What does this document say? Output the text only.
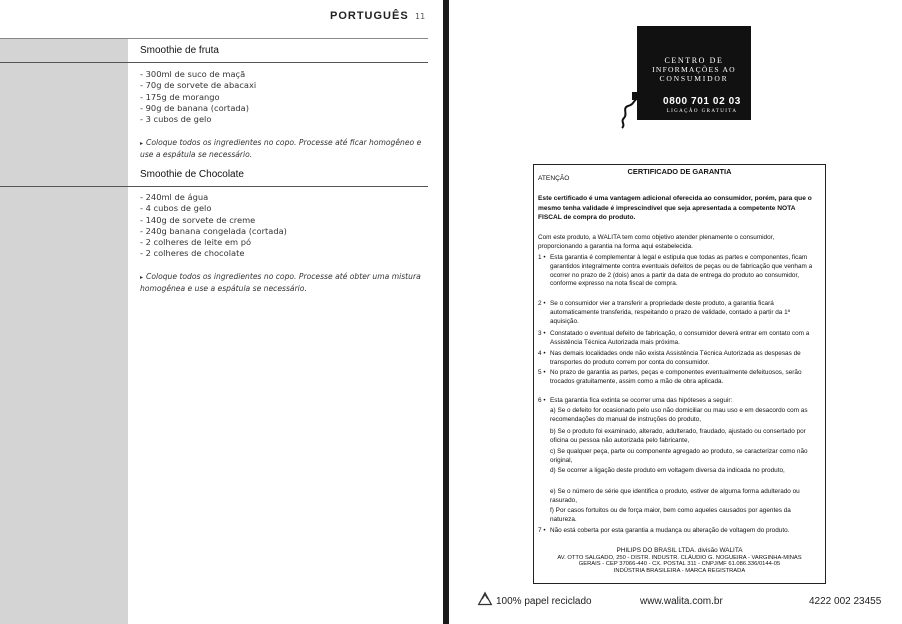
PORTUGUÊS 11
Smoothie de fruta
- 300ml de suco de maçã
- 70g de sorvete de abacaxi
- 175g de morango
- 90g de banana (cortada)
- 3 cubos de gelo
▸ Coloque todos os ingredientes no copo. Processe até ficar homogêneo e use a espátula se necessário.
Smoothie de Chocolate
- 240ml de água
- 4 cubos de gelo
- 140g de sorvete de creme
- 240g banana congelada (cortada)
- 2 colheres de leite em pó
- 2 colheres de chocolate
▸ Coloque todos os ingredientes no copo. Processe até obter uma mistura homogênea e use a espátula se necessário.
CENTRO DE
INFORMAÇÕES AO
CONSUMIDOR
0800 701 02 03
LIGAÇÃO GRATUITA
CERTIFICADO DE GARANTIA
ATENÇÃO
Este certificado é uma vantagem adicional oferecida ao consumidor, porém, para que o mesmo tenha validade é imprescindível que seja apresentada a competente NOTA FISCAL de compra do produto.
Com este produto, a WALITA tem como objetivo atender plenamente o consumidor, proporcionando a garantia na forma aqui estabelecida.
1 • Esta garantia é complementar à legal e estipula que todas as partes e componentes, ficam garantidos integralmente contra eventuais defeitos de peças ou de fabricação que venham a ocorrer no prazo de 2 (dois) anos a partir da data de entrega do produto ao consumidor, conforme expresso na nota fiscal de compra.
2 • Se o consumidor vier a transferir a propriedade deste produto, a garantia ficará automaticamente transferida, respeitando o prazo de validade, contado a partir da 1ª aquisição.
3 • Constatado o eventual defeito de fabricação, o consumidor deverá entrar em contato com a Assistência Técnica Autorizada mais próxima.
4 • Nas demais localidades onde não exista Assistência Técnica Autorizada as despesas de transportes do produto correm por conta do consumidor.
5 • No prazo de garantia as partes, peças e componentes eventualmente defeituosos, serão trocados gratuitamente, assim como a mão de obra aplicada.
6 • Esta garantia fica extinta se ocorrer uma das hipóteses a seguir:
a) Se o defeito for ocasionado pelo uso não domiciliar ou mau uso e em desacordo com as recomendações do manual de instruções do produto,
b) Se o produto foi examinado, alterado, adulterado, fraudado, ajustado ou consertado por oficina ou pessoa não autorizada pelo fabricante,
c) Se qualquer peça, parte ou componente agregado ao produto, se caracterizar como não original,
d) Se ocorrer a ligação deste produto em voltagem diversa da indicada no produto,
e) Se o número de série que identifica o produto, estiver de alguma forma adulterado ou rasurado,
f) Por casos fortuitos ou de força maior, bem como aqueles causados por agentes da natureza.
7 • Não está coberta por esta garantia a mudança ou alteração de voltagem do produto.
PHILIPS DO BRASIL LTDA. divisão WALITA
AV. OTTO SALGADO, 250 - DISTR. INDUSTR. CLÁUDIO G. NOGUEIRA - VARGINHA-MINAS
GERAIS - CEP 37066-440 - CX. POSTAL 311 - CNPJ/MF 61.086.336/0144-05
INDÚSTRIA BRASILEIRA - MARCA REGISTRADA
100% papel reciclado	www.walita.com.br	4222 002 23455
